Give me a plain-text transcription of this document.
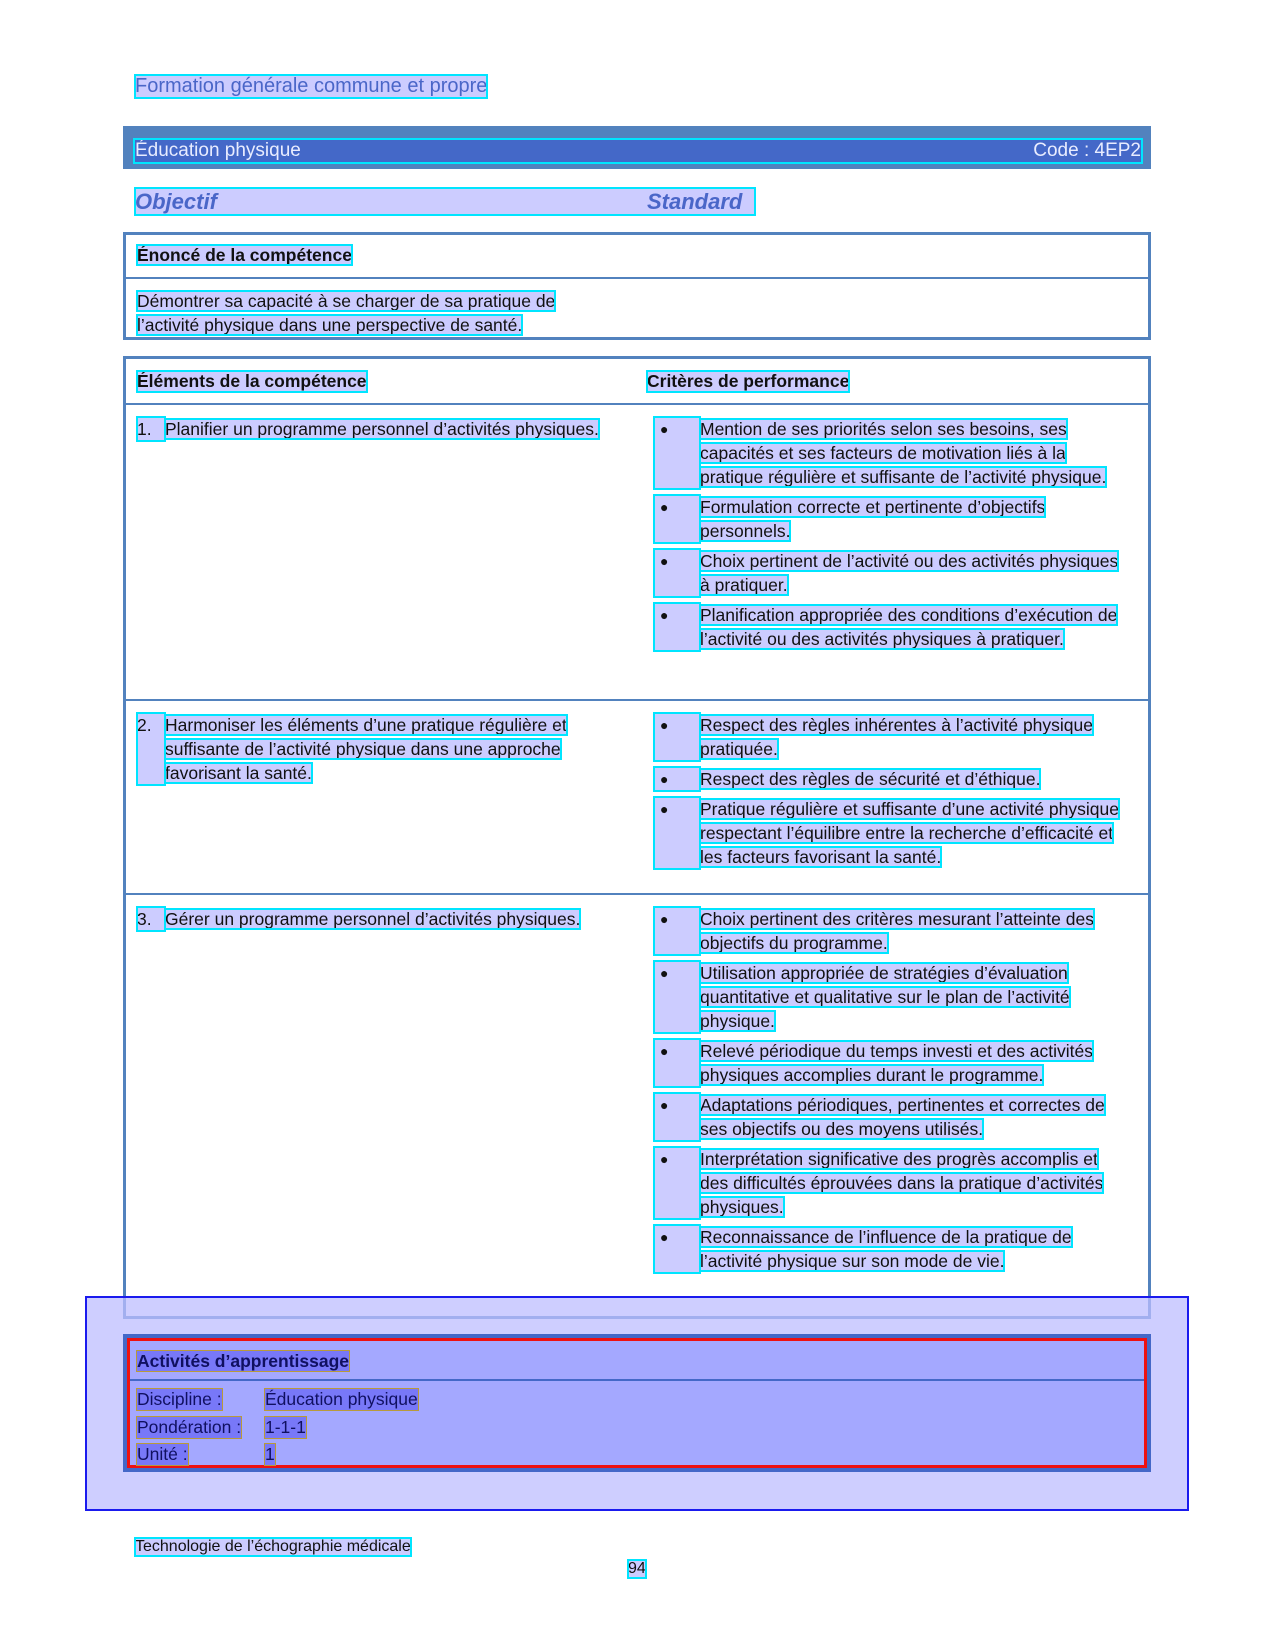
Formation générale commune et propre
Éducation physique	Code : 4EP2
Objectif	Standard
Énoncé de la compétence
Démontrer sa capacité à se charger de sa pratique de l’activité physique dans une perspective de santé.
Éléments de la compétence	Critères de performance
1. Planifier un programme personnel d’activités physiques.	●	Mention de ses priorités selon ses besoins, ses capacités et ses facteurs de motivation liés à la pratique régulière et suffisante de l’activité physique.
●	Formulation correcte et pertinente d’objectifs personnels.
●	Choix pertinent de l’activité ou des activités physiques à pratiquer.
●	Planification appropriée des conditions d’exécution de l’activité ou des activités physiques à pratiquer.
2. Harmoniser les éléments d’une pratique régulière et suffisante de l’activité physique dans une approche favorisant la santé.
●	Respect des règles inhérentes à l’activité physique pratiquée.
●	Respect des règles de sécurité et d’éthique.
●	Pratique régulière et suffisante d’une activité physique respectant l’équilibre entre la recherche d’efficacité et les facteurs favorisant la santé.
3. Gérer un programme personnel d’activités physiques.	●	Choix pertinent des critères mesurant l’atteinte des objectifs du programme.
●	Utilisation appropriée de stratégies d’évaluation quantitative et qualitative sur le plan de l’activité physique.
●	Relevé périodique du temps investi et des activités physiques accomplies durant le programme.
●	Adaptations périodiques, pertinentes et correctes de ses objectifs ou des moyens utilisés.
●	Interprétation significative des progrès accomplis et des difficultés éprouvées dans la pratique d’activités physiques.
●	Reconnaissance de l’influence de la pratique de l’activité physique sur son mode de vie.
Activités d’apprentissage
Discipline : Éducation physique
Pondération : 1-1-1
Unité :	1
Technologie de l’échographie médicale
94
